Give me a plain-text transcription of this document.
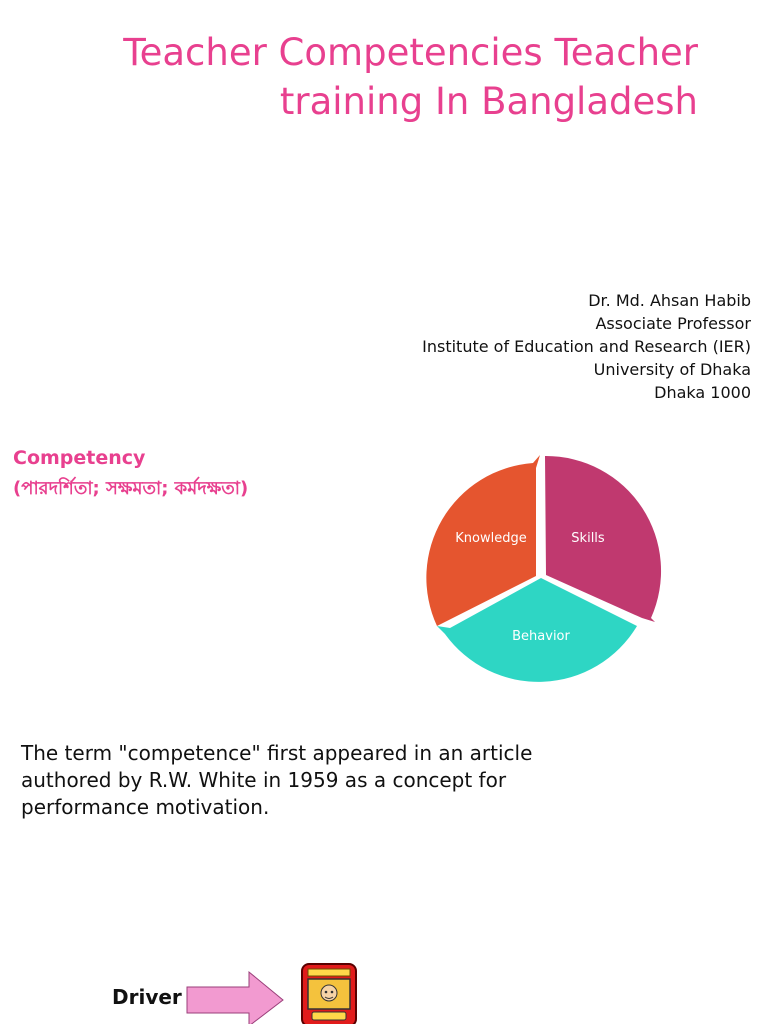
Teacher Competencies Teacher
training In Bangladesh
Dr. Md. Ahsan Habib
Associate Professor
Institute of Education and Research (IER)
University of Dhaka
Dhaka 1000
Competency
(পারদর্শিতা; সক্ষমতা; কর্মদক্ষতা)
Knowledge	Skills
Behavior
The term "competence" first appeared in an article authored by R.W. White in 1959 as a concept for performance motivation.
Driver
